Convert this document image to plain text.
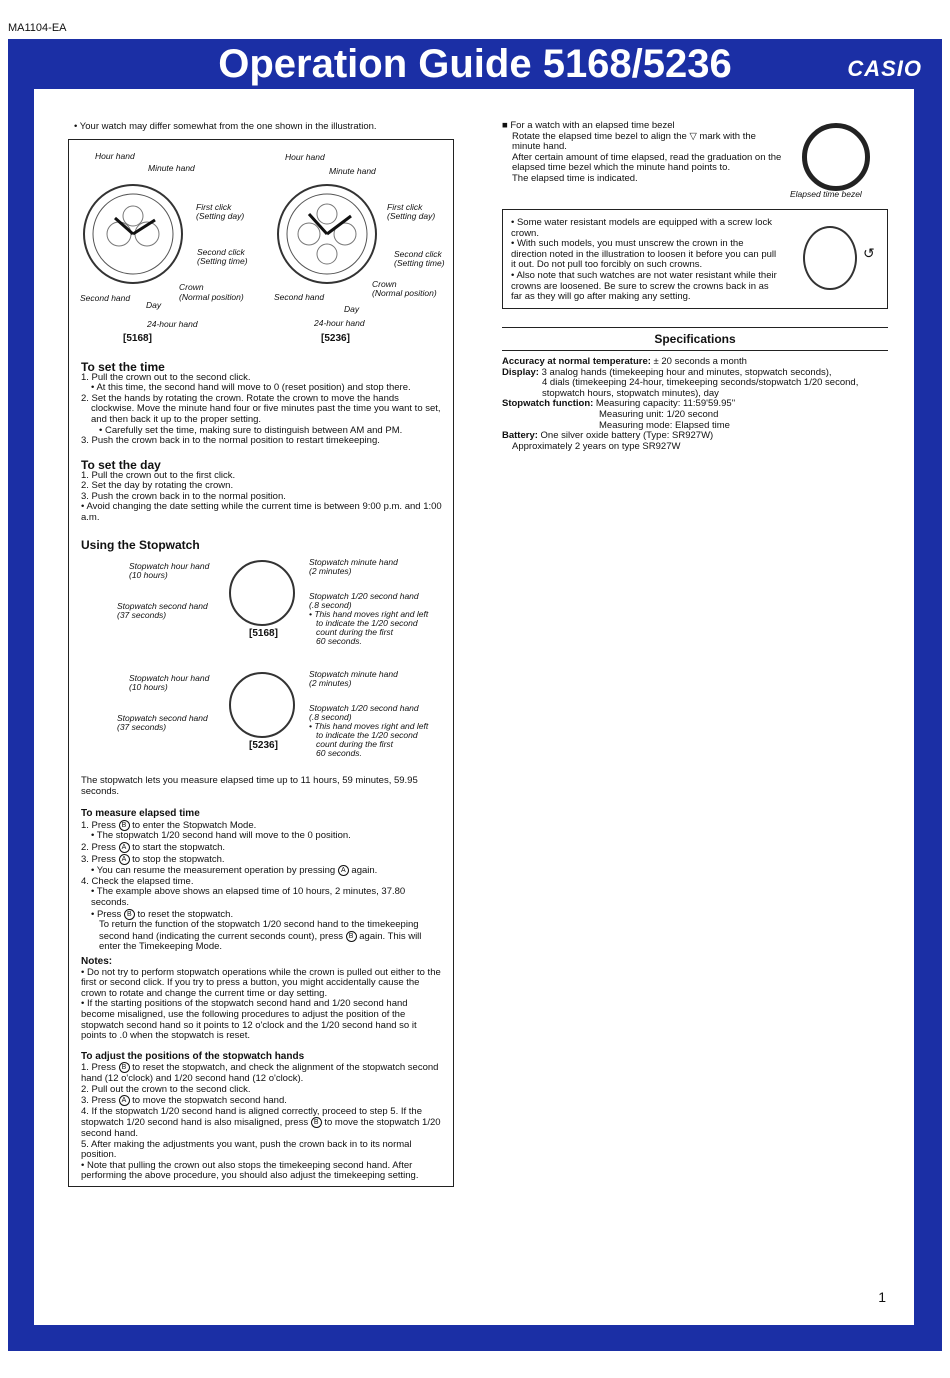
MA1104-EA
Operation Guide 5168/5236	CASIO
• Your watch may differ somewhat from the one shown in the illustration.
Hour hand
Minute hand
First click
(Setting day)
Second click
(Setting time)
Crown
(Normal position)
Second hand
Day
24-hour hand
[5168]
Hour hand
Minute hand
First click
(Setting day)
Second click
(Setting time)
Crown
(Normal position)
Second hand
Day
24-hour hand
[5236]
To set the time

1. Pull the crown out to the second click.

• At this time, the second hand will move to 0 (reset position) and stop there.

2. Set the hands by rotating the crown. Rotate the crown to move the hands clockwise. Move the minute hand four or five minutes past the time you want to set, and then back it up to the proper setting.

• Carefully set the time, making sure to distinguish between AM and PM.

3. Push the crown back in to the normal position to restart timekeeping.

To set the day

1. Pull the crown out to the first click.

2. Set the day by rotating the crown.

3. Push the crown back in to the normal position.

• Avoid changing the date setting while the current time is between 9:00 p.m. and 1:00 a.m.

Using the Stopwatch
Stopwatch hour hand
(10 hours)
Stopwatch second hand
(37 seconds)
Stopwatch minute hand
(2 minutes)
Stopwatch 1/20 second hand
(.8 second)
• This hand moves right and left
to indicate the 1/20 second
count during the first
60 seconds.
[5168]
Stopwatch hour hand
(10 hours)
Stopwatch second hand
(37 seconds)
Stopwatch minute hand
(2 minutes)
Stopwatch 1/20 second hand
(.8 second)
• This hand moves right and left
to indicate the 1/20 second
count during the first
60 seconds.
[5236]

The stopwatch lets you measure elapsed time up to 11 hours, 59 minutes, 59.95 seconds.

To measure elapsed time

1. Press B to enter the Stopwatch Mode.

• The stopwatch 1/20 second hand will move to the 0 position.

2. Press A to start the stopwatch.

3. Press A to stop the stopwatch.

• You can resume the measurement operation by pressing A again.

4. Check the elapsed time.

• The example above shows an elapsed time of 10 hours, 2 minutes, 37.80 seconds.

• Press B to reset the stopwatch.

To return the function of the stopwatch 1/20 second hand to the timekeeping second hand (indicating the current seconds count), press B again. This will enter the Timekeeping Mode.

Notes:

• Do not try to perform stopwatch operations while the crown is pulled out either to the first or second click. If you try to press a button, you might accidentally cause the crown to rotate and change the current time or day setting.

• If the starting positions of the stopwatch second hand and 1/20 second hand become misaligned, use the following procedures to adjust the position of the stopwatch second hand so it points to 12 o'clock and the 1/20 second hand so it points to .0 when the stopwatch is reset.

To adjust the positions of the stopwatch hands

1. Press B to reset the stopwatch, and check the alignment of the stopwatch second hand (12 o'clock) and 1/20 second hand (12 o'clock).

2. Pull out the crown to the second click.

3. Press A to move the stopwatch second hand.

4. If the stopwatch 1/20 second hand is aligned correctly, proceed to step 5. If the stopwatch 1/20 second hand is also misaligned, press B to move the stopwatch 1/20 second hand.

5. After making the adjustments you want, push the crown back in to its normal position.

• Note that pulling the crown out also stops the timekeeping second hand. After performing the above procedure, you should also adjust the timekeeping setting.

■ For a watch with an elapsed time bezel

Rotate the elapsed time bezel to align the ▽ mark with the minute hand.

After certain amount of time elapsed, read the graduation on the elapsed time bezel which the minute hand points to.

The elapsed time is indicated.

Elapsed time bezel

• Some water resistant models are equipped with a screw lock crown.

• With such models, you must unscrew the crown in the direction noted in the illustration to loosen it before you can pull it out. Do not pull too forcibly on such crowns.

• Also note that such watches are not water resistant while their crowns are loosened. Be sure to screw the crowns back in as far as they will go after making any setting.

↺
Specifications

Accuracy at normal temperature: ± 20 seconds a month

Display: 3 analog hands (timekeeping hour and minutes, stopwatch seconds),

4 dials (timekeeping 24-hour, timekeeping seconds/stopwatch 1/20 second, stopwatch hours, stopwatch minutes), day

Stopwatch function: Measuring capacity: 11:59'59.95"

Measuring unit: 1/20 second

Measuring mode: Elapsed time

Battery: One silver oxide battery (Type: SR927W)

Approximately 2 years on type SR927W

1
